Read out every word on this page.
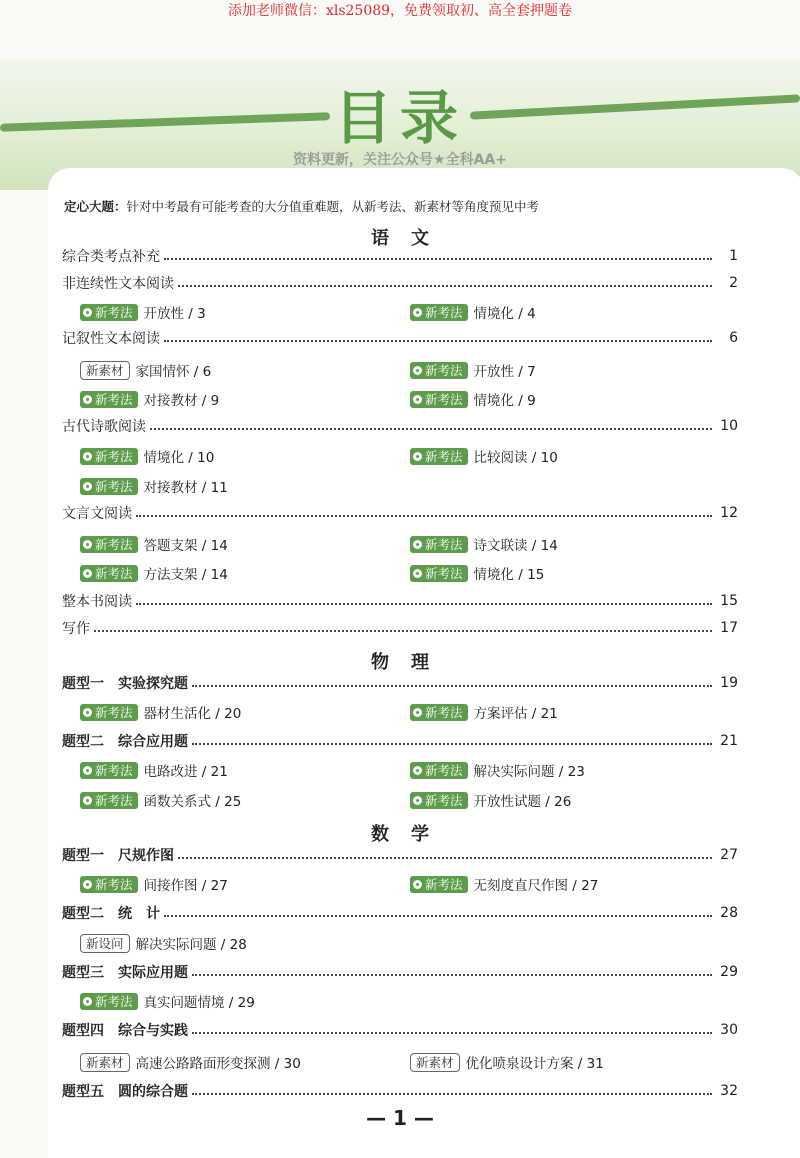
添加老师微信：xls25089，免费领取初、高全套押题卷
目录
资料更新，关注公众号★全科AA+
定心大题：针对中考最有可能考查的大分值重难题，从新考法、新素材等角度预见中考
语文
综合类考点补充	1
非连续性文本阅读	2
新考法 开放性 / 3	新考法 情境化 / 4
记叙性文本阅读	6
新素材 家国情怀 / 6	新考法 开放性 / 7
新考法 对接教材 / 9	新考法 情境化 / 9
古代诗歌阅读	10
新考法 情境化 / 10	新考法 比较阅读 / 10
新考法 对接教材 / 11
文言文阅读	12
新考法 答题支架 / 14	新考法 诗文联读 / 14
新考法 方法支架 / 14	新考法 情境化 / 15
整本书阅读	15
写作	17
物理
题型一 实验探究题	19
新考法 器材生活化 / 20	新考法 方案评估 / 21
题型二 综合应用题	21
新考法 电路改进 / 21	新考法 解决实际问题 / 23
新考法 函数关系式 / 25	新考法 开放性试题 / 26
数学
题型一 尺规作图	27
新考法 间接作图 / 27	新考法 无刻度直尺作图 / 27
题型二 统　计	28
新设问 解决实际问题 / 28
题型三 实际应用题	29
新考法 真实问题情境 / 29
题型四 综合与实践	30
新素材 高速公路路面形变探测 / 30	新素材 优化喷泉设计方案 / 31
题型五 圆的综合题	32
— 1 —
